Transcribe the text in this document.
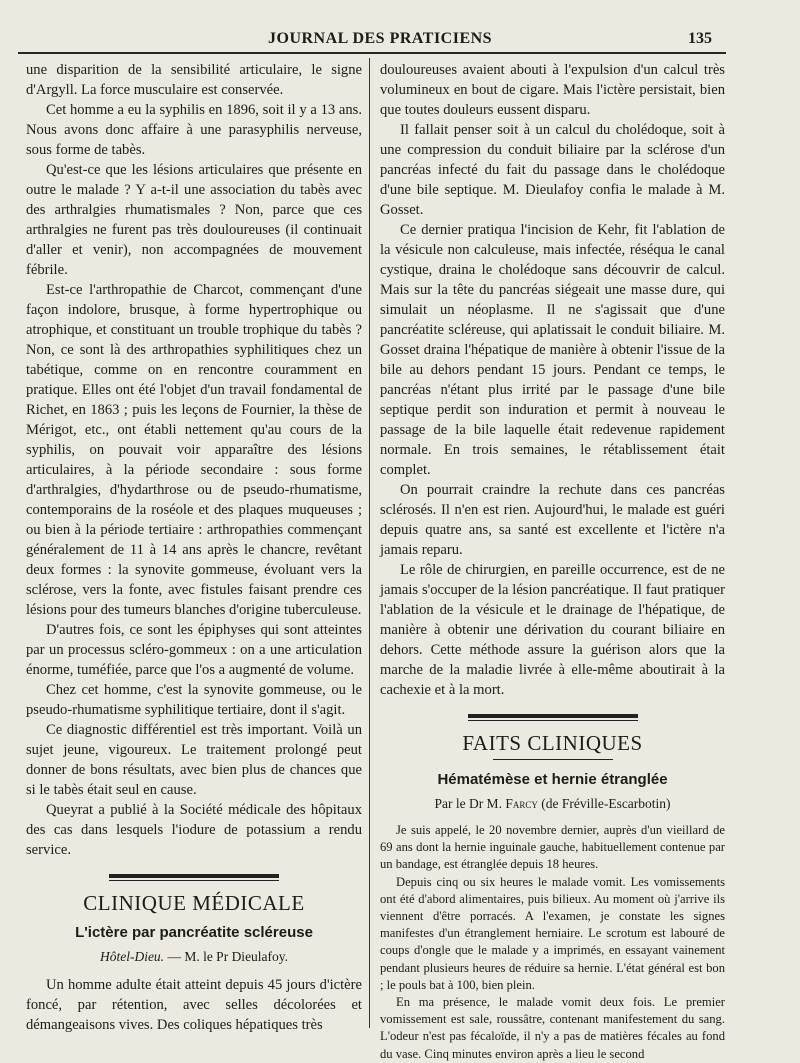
JOURNAL DES PRATICIENS	135

une disparition de la sensibilité articulaire, le signe d'Argyll. La force musculaire est conservée.

Cet homme a eu la syphilis en 1896, soit il y a 13 ans. Nous avons donc affaire à une parasyphilis nerveuse, sous forme de tabès.

Qu'est-ce que les lésions articulaires que présente en outre le malade ? Y a-t-il une association du tabès avec des arthralgies rhumatismales ? Non, parce que ces arthralgies ne furent pas très douloureuses (il continuait d'aller et venir), non accompagnées de mouvement fébrile.

Est-ce l'arthropathie de Charcot, commençant d'une façon indolore, brusque, à forme hypertrophique ou atrophique, et constituant un trouble trophique du tabès ? Non, ce sont là des arthropathies syphilitiques chez un tabétique, comme on en rencontre couramment en pratique. Elles ont été l'objet d'un travail fondamental de Richet, en 1863 ; puis les leçons de Fournier, la thèse de Mérigot, etc., ont établi nettement qu'au cours de la syphilis, on pouvait voir apparaître des lésions articulaires, à la période secondaire : sous forme d'arthralgies, d'hydarthrose ou de pseudo-rhumatisme, contemporains de la roséole et des plaques muqueuses ; ou bien à la période tertiaire : arthropathies commençant généralement de 11 à 14 ans après le chancre, revêtant deux formes : la synovite gommeuse, évoluant vers la sclérose, vers la fonte, avec fistules faisant prendre ces lésions pour des tumeurs blanches d'origine tuberculeuse.

D'autres fois, ce sont les épiphyses qui sont atteintes par un processus scléro-gommeux : on a une articulation énorme, tuméfiée, parce que l'os a augmenté de volume.

Chez cet homme, c'est la synovite gommeuse, ou le pseudo-rhumatisme syphilitique tertiaire, dont il s'agit.

Ce diagnostic différentiel est très important. Voilà un sujet jeune, vigoureux. Le traitement prolongé peut donner de bons résultats, avec bien plus de chances que si le tabès était seul en cause.

Queyrat a publié à la Société médicale des hôpitaux des cas dans lesquels l'iodure de potassium a rendu service.

CLINIQUE MÉDICALE
L'ictère par pancréatite scléreuse
Hôtel-Dieu. — M. le Pr Dieulafoy.

Un homme adulte était atteint depuis 45 jours d'ictère foncé, par rétention, avec selles décolorées et démangeaisons vives. Des coliques hépatiques très

douloureuses avaient abouti à l'expulsion d'un calcul très volumineux en bout de cigare. Mais l'ictère persistait, bien que toutes douleurs eussent disparu.

Il fallait penser soit à un calcul du cholédoque, soit à une compression du conduit biliaire par la sclérose d'un pancréas infecté du fait du passage dans le cholédoque d'une bile septique. M. Dieulafoy confia le malade à M. Gosset.

Ce dernier pratiqua l'incision de Kehr, fit l'ablation de la vésicule non calculeuse, mais infectée, réséqua le canal cystique, draina le cholédoque sans découvrir de calcul. Mais sur la tête du pancréas siégeait une masse dure, qui simulait un néoplasme. Il ne s'agissait que d'une pancréatite scléreuse, qui aplatissait le conduit biliaire. M. Gosset draina l'hépatique de manière à obtenir l'issue de la bile au dehors pendant 15 jours. Pendant ce temps, le pancréas n'étant plus irrité par le passage d'une bile septique perdit son induration et permit à nouveau le passage de la bile laquelle était redevenue rapidement normale. En trois semaines, le rétablissement était complet.

On pourrait craindre la rechute dans ces pancréas sclérosés. Il n'en est rien. Aujourd'hui, le malade est guéri depuis quatre ans, sa santé est excellente et l'ictère n'a jamais reparu.

Le rôle de chirurgien, en pareille occurrence, est de ne jamais s'occuper de la lésion pancréatique. Il faut pratiquer l'ablation de la vésicule et le drainage de l'hépatique, de manière à obtenir une dérivation du courant biliaire en dehors. Cette méthode assure la guérison alors que la marche de la maladie livrée à elle-même aboutirait à la cachexie et à la mort.

FAITS CLINIQUES
Hématémèse et hernie étranglée
Par le Dr M. Farcy (de Fréville-Escarbotin)

Je suis appelé, le 20 novembre dernier, auprès d'un vieillard de 69 ans dont la hernie inguinale gauche, habituellement contenue par un bandage, est étranglée depuis 18 heures.

Depuis cinq ou six heures le malade vomit. Les vomissements ont été d'abord alimentaires, puis bilieux. Au moment où j'arrive ils viennent d'être porracés. A l'examen, je constate les signes manifestes d'un étranglement herniaire. Le scrotum est labouré de coups d'ongle que le malade y a imprimés, en essayant vainement pendant plusieurs heures de réduire sa hernie. L'état général est bon ; le pouls bat à 100, bien plein.

En ma présence, le malade vomit deux fois. Le premier vomissement est sale, roussâtre, contenant manifestement du sang. L'odeur n'est pas fécaloïde, il n'y a pas de matières fécales au fond du vase. Cinq minutes environ après a lieu le second
